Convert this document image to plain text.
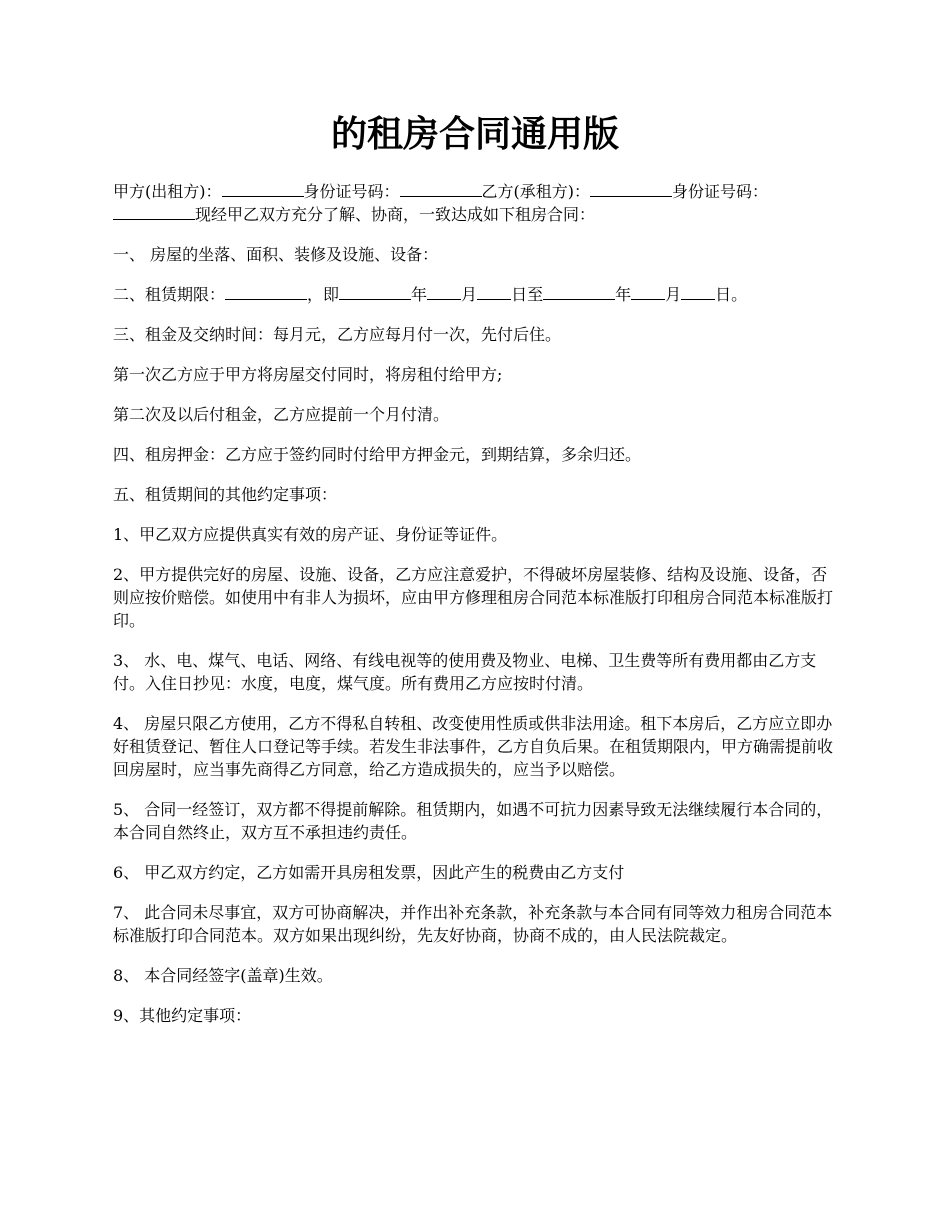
的租房合同通用版

甲方(出租方)：	身份证号码：	乙方(承租方)：	身份证号码：现经甲乙双方充分了解、协商，一致达成如下租房合同：

一、 房屋的坐落、面积、装修及设施、设备：

二、租赁期限：	，即	年 月 日至	年 月 日。

三、租金及交纳时间：每月元，乙方应每月付一次，先付后住。

第一次乙方应于甲方将房屋交付同时，将房租付给甲方;

第二次及以后付租金，乙方应提前一个月付清。

四、租房押金：乙方应于签约同时付给甲方押金元，到期结算，多余归还。

五、租赁期间的其他约定事项：

1、甲乙双方应提供真实有效的房产证、身份证等证件。

2、甲方提供完好的房屋、设施、设备，乙方应注意爱护，不得破坏房屋装修、结构及设施、设备，否则应按价赔偿。如使用中有非人为损坏，应由甲方修理租房合同范本标准版打印租房合同范本标准版打印。

3、 水、电、煤气、电话、网络、有线电视等的使用费及物业、电梯、卫生费等所有费用都由乙方支付。入住日抄见：水度，电度，煤气度。所有费用乙方应按时付清。

4、 房屋只限乙方使用，乙方不得私自转租、改变使用性质或供非法用途。租下本房后，乙方应立即办好租赁登记、暂住人口登记等手续。若发生非法事件，乙方自负后果。在租赁期限内，甲方确需提前收回房屋时，应当事先商得乙方同意，给乙方造成损失的，应当予以赔偿。

5、 合同一经签订，双方都不得提前解除。租赁期内，如遇不可抗力因素导致无法继续履行本合同的，本合同自然终止，双方互不承担违约责任。

6、 甲乙双方约定，乙方如需开具房租发票，因此产生的税费由乙方支付

7、 此合同未尽事宜，双方可协商解决，并作出补充条款，补充条款与本合同有同等效力租房合同范本标准版打印合同范本。双方如果出现纠纷，先友好协商，协商不成的，由人民法院裁定。

8、 本合同经签字(盖章)生效。

9、其他约定事项：
